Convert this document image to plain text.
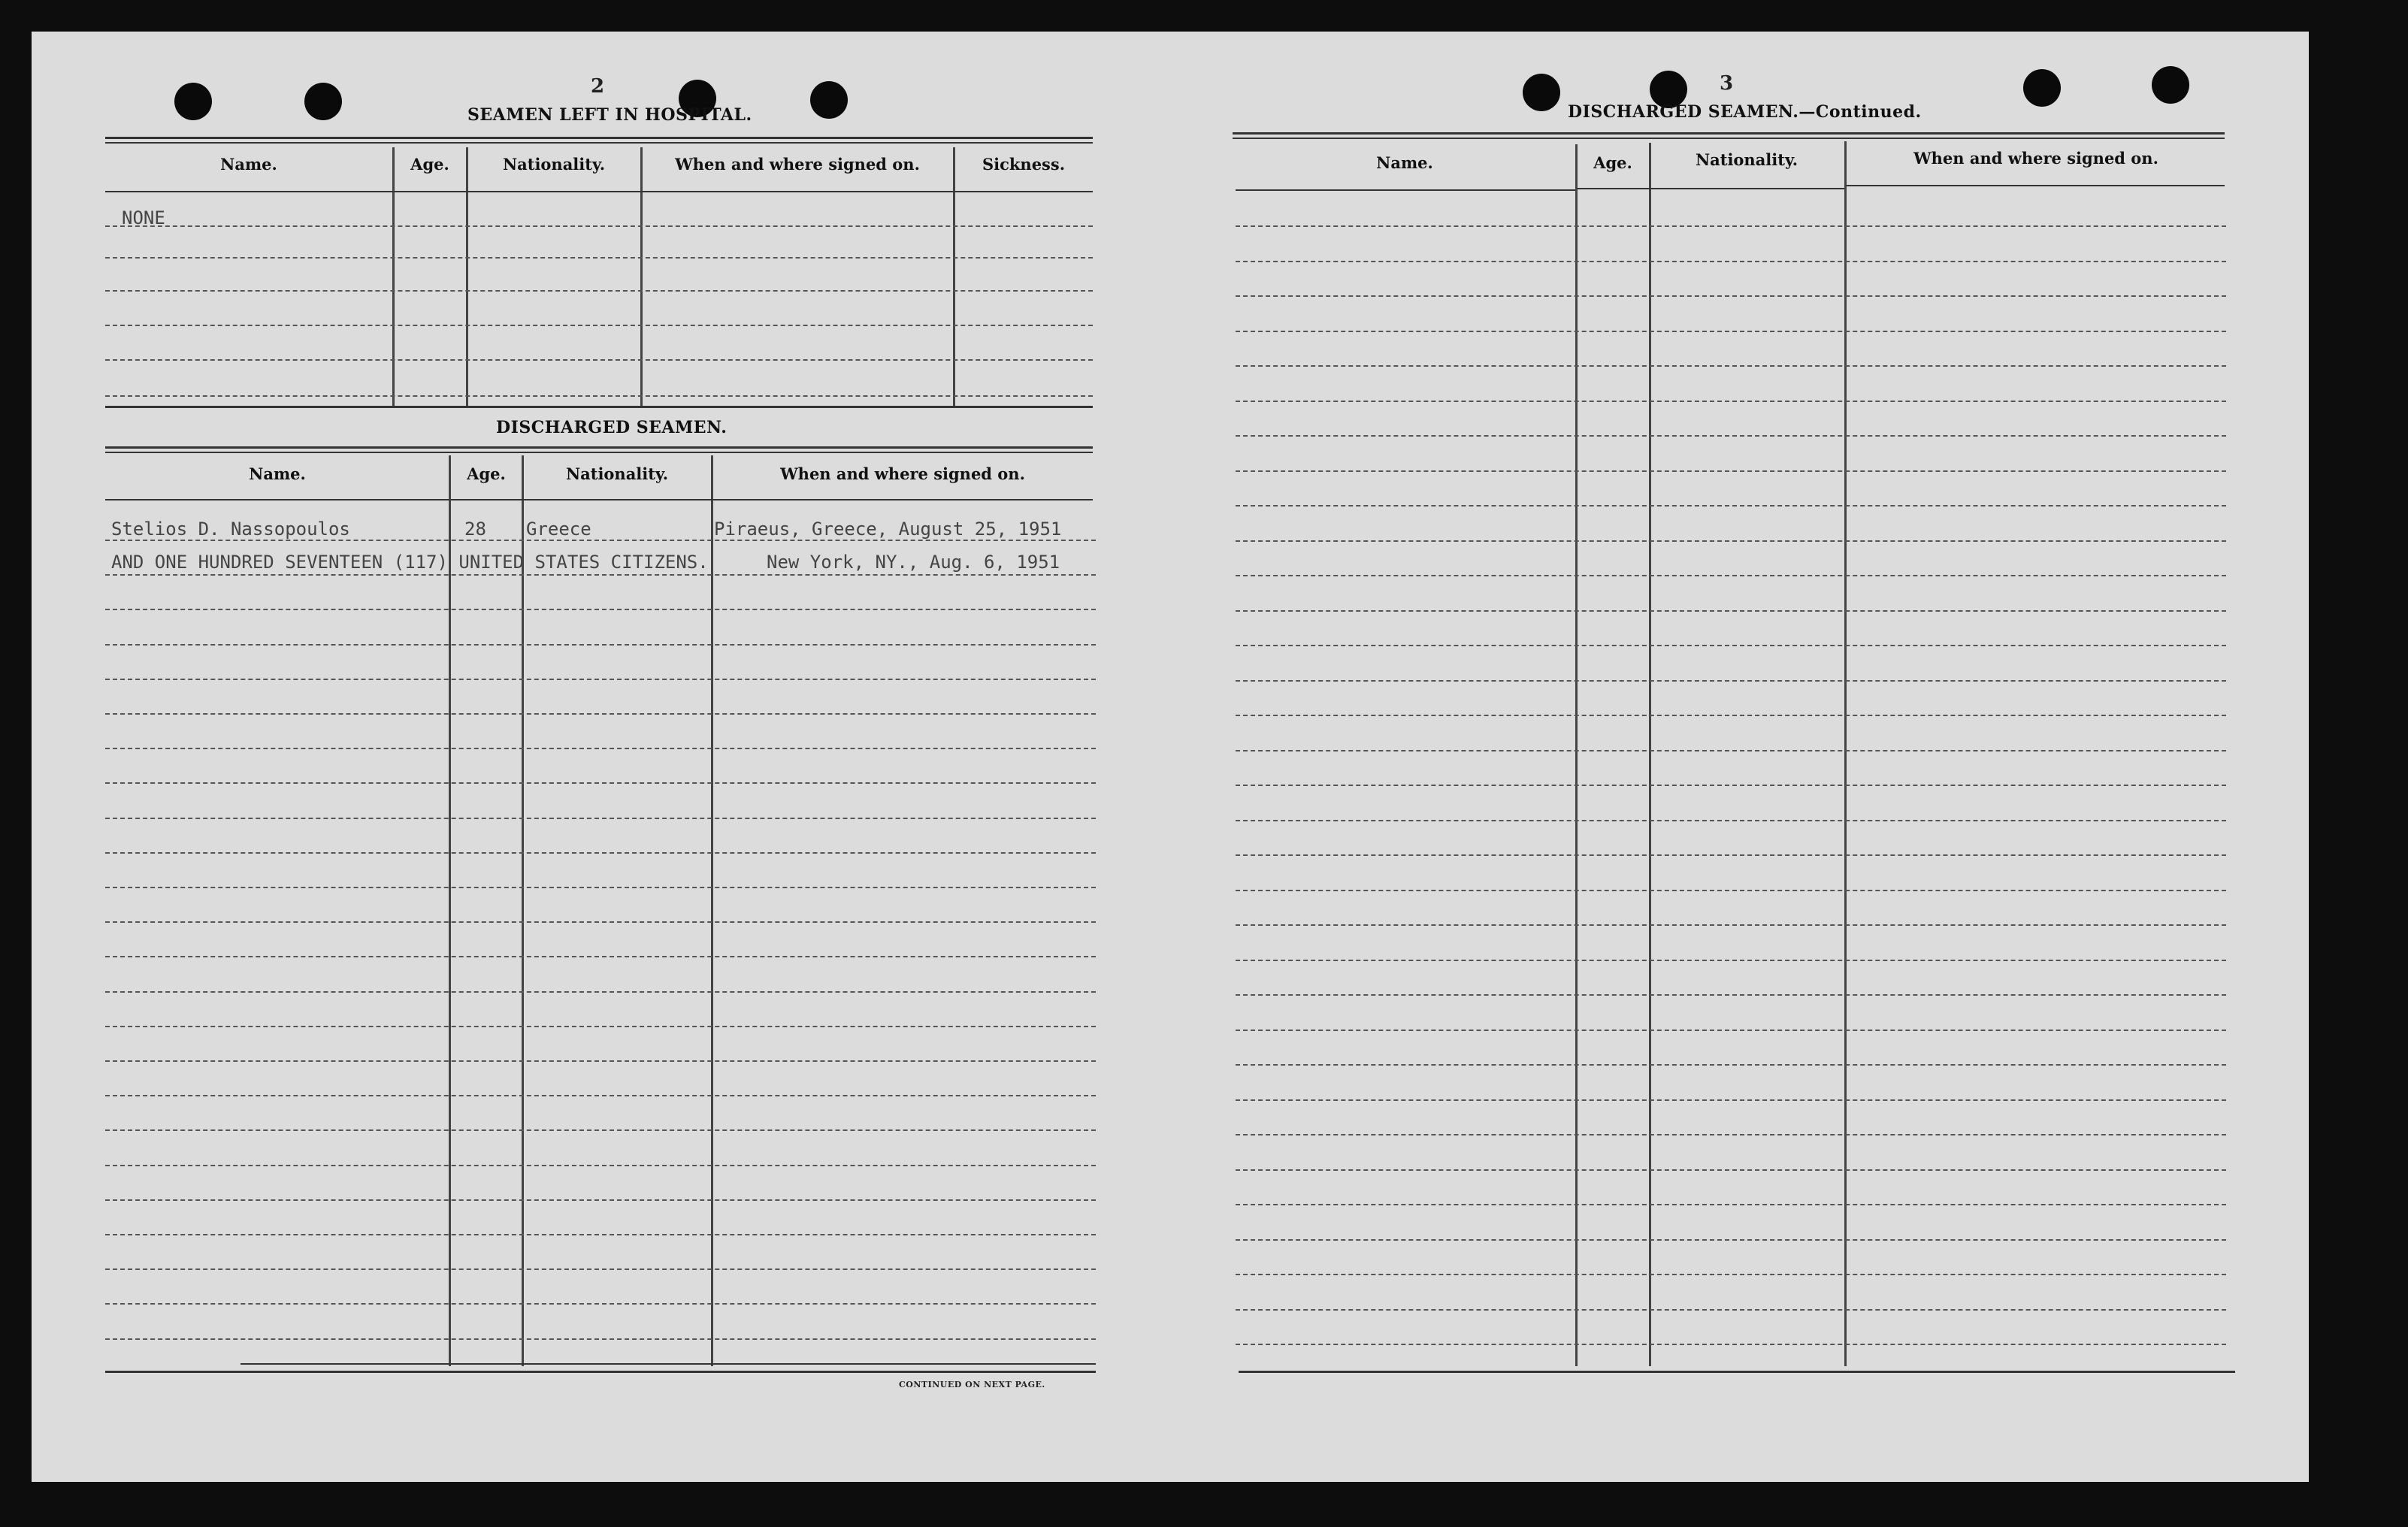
2
SEAMEN LEFT IN HOSPITAL.
Name.	Age.	Nationality.	When and where signed on.	Sickness.
NONE
DISCHARGED SEAMEN.
Name.	Age.	Nationality.	When and where signed on.
Stelios D. Nassopoulos	28 Greece	Piraeus, Greece, August 25, 1951
AND ONE HUNDRED SEVENTEEN (117) UNITED STATES CITIZENS.	New York, NY., Aug. 6, 1951
CONTINUED ON NEXT PAGE.
3
DISCHARGED SEAMEN.—Continued.
Name.	Age.	Nationality.	When and where signed on.
